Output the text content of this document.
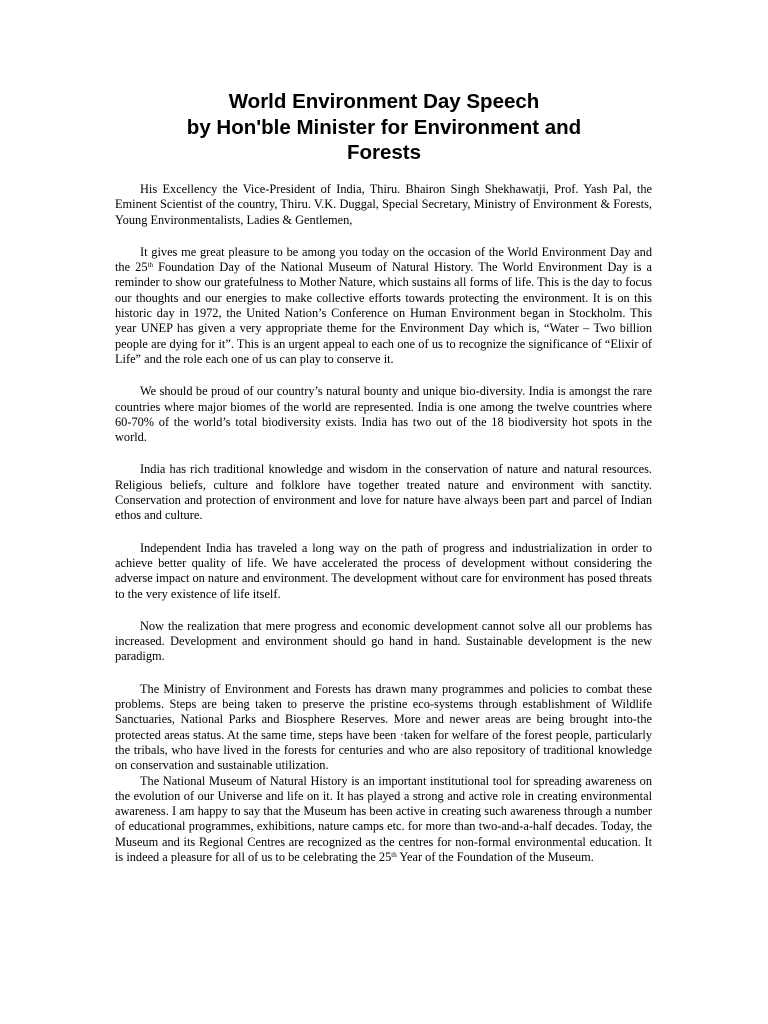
World Environment Day Speech
by Hon'ble Minister for Environment and
Forests

His Excellency the Vice-President of India, Thiru. Bhairon Singh Shekhawatji, Prof. Yash Pal, the Eminent Scientist of the country, Thiru. V.K. Duggal, Special Secretary, Ministry of Environment & Forests, Young Environmentalists, Ladies & Gentlemen,

It gives me great pleasure to be among you today on the occasion of the World Environment Day and the 25th Foundation Day of the National Museum of Natural History. The World Environment Day is a reminder to show our gratefulness to Mother Nature, which sustains all forms of life. This is the day to focus our thoughts and our energies to make collective efforts towards protecting the environment. It is on this historic day in 1972, the United Nation’s Conference on Human Environment began in Stockholm. This year UNEP has given a very appropriate theme for the Environment Day which is, “Water – Two billion people are dying for it”. This is an urgent appeal to each one of us to recognize the significance of “Elixir of Life” and the role each one of us can play to conserve it.

We should be proud of our country’s natural bounty and unique bio-diversity. India is amongst the rare countries where major biomes of the world are represented. India is one among the twelve countries where 60-70% of the world’s total biodiversity exists. India has two out of the 18 biodiversity hot spots in the world.

India has rich traditional knowledge and wisdom in the conservation of nature and natural resources. Religious beliefs, culture and folklore have together treated nature and environment with sanctity. Conservation and protection of environment and love for nature have always been part and parcel of Indian ethos and culture.

Independent India has traveled a long way on the path of progress and industrialization in order to achieve better quality of life. We have accelerated the process of development without considering the adverse impact on nature and environment. The development without care for environment has posed threats to the very existence of life itself.

Now the realization that mere progress and economic development cannot solve all our problems has increased. Development and environment should go hand in hand. Sustainable development is the new paradigm.

The Ministry of Environment and Forests has drawn many programmes and policies to combat these problems. Steps are being taken to preserve the pristine eco-systems through establishment of Wildlife Sanctuaries, National Parks and Biosphere Reserves. More and newer areas are being brought into-the protected areas status. At the same time, steps have been ·taken for welfare of the forest people, particularly the tribals, who have lived in the forests for centuries and who are also repository of traditional knowledge on conservation and sustainable utilization.

The National Museum of Natural History is an important institutional tool for spreading awareness on the evolution of our Universe and life on it. It has played a strong and active role in creating environmental awareness. I am happy to say that the Museum has been active in creating such awareness through a number of educational programmes, exhibitions, nature camps etc. for more than two-and-a-half decades. Today, the Museum and its Regional Centres are recognized as the centres for non-formal environmental education. It is indeed a pleasure for all of us to be celebrating the 25th Year of the Foundation of the Museum.
